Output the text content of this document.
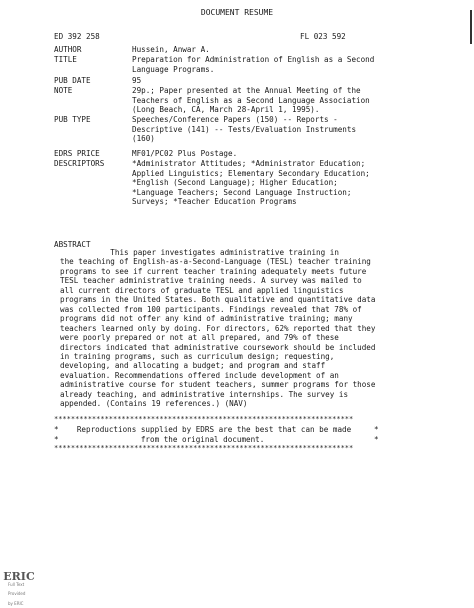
DOCUMENT RESUME
ED 392 258	FL 023 592
AUTHOR	Hussein, Anwar A.
TITLE	Preparation for Administration of English as a Second
Language Programs.
PUB DATE	95
NOTE	29p.; Paper presented at the Annual Meeting of the
Teachers of English as a Second Language Association
(Long Beach, CA, March 28-April 1, 1995).
PUB TYPE	Speeches/Conference Papers (150) -- Reports -
Descriptive (141) -- Tests/Evaluation Instruments
(160)
EDRS PRICE	MF01/PC02 Plus Postage.
DESCRIPTORS	*Administrator Attitudes; *Administrator Education;
Applied Linguistics; Elementary Secondary Education;
*English (Second Language); Higher Education;
*Language Teachers; Second Language Instruction;
Surveys; *Teacher Education Programs
ABSTRACT
This paper investigates administrative training in
the teaching of English-as-a-Second-Language (TESL) teacher training
programs to see if current teacher training adequately meets future
TESL teacher administrative training needs. A survey was mailed to
all current directors of graduate TESL and applied linguistics
programs in the United States. Both qualitative and quantitative data
was collected from 100 participants. Findings revealed that 78% of
programs did not offer any kind of administrative training; many
teachers learned only by doing. For directors, 62% reported that they
were poorly prepared or not at all prepared, and 79% of these
directors indicated that administrative coursework should be included
in training programs, such as curriculum design; requesting,
developing, and allocating a budget; and program and staff
evaluation. Recommendations offered include development of an
administrative course for student teachers, summer programs for those
already teaching, and administrative internships. The survey is
appended. (Contains 19 references.) (NAV)
***********************************************************************

*    Reproductions supplied by EDRS are the best that can be made     *

*                  from the original document.                        *

***********************************************************************
ERIC
Full Text Provided by ERIC
